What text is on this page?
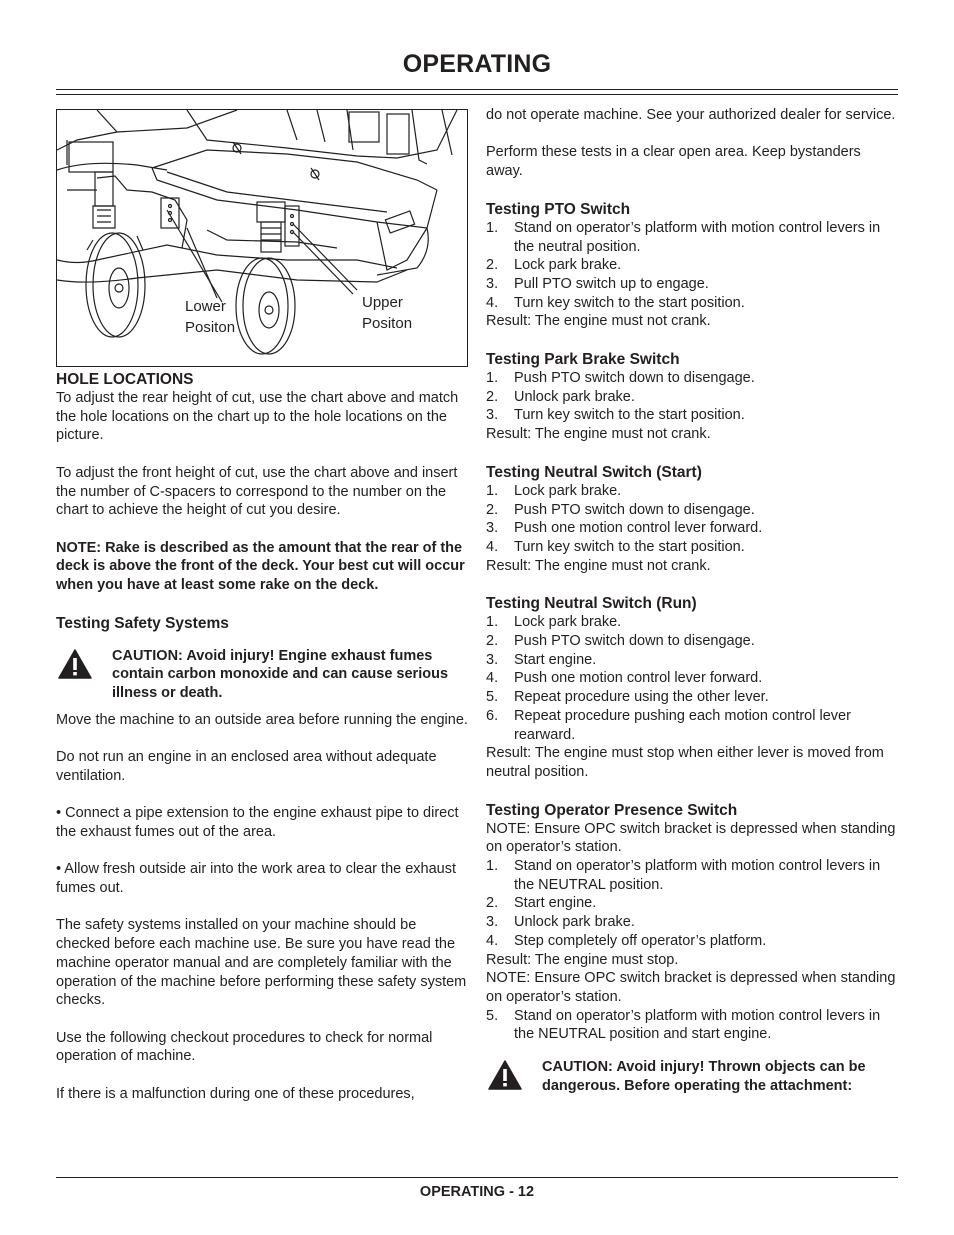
OPERATING
Lower
Positon
Upper
Positon

HOLE LOCATIONS

To adjust the rear height of cut, use the chart above and match the hole locations on the chart up to the hole locations on the picture.

To adjust the front height of cut, use the chart above and insert the number of C-spacers to correspond to the number on the chart to achieve the height of cut you desire.

NOTE: Rake is described as the amount that the rear of the deck is above the front of the deck. Your best cut will occur when you have at least some rake on the deck.

Testing Safety Systems

CAUTION: Avoid injury! Engine exhaust fumes contain carbon monoxide and can cause serious illness or death.

Move the machine to an outside area before running the engine.

Do not run an engine in an enclosed area without adequate ventilation.

• Connect a pipe extension to the engine exhaust pipe to direct the exhaust fumes out of the area.

• Allow fresh outside air into the work area to clear the exhaust fumes out.

The safety systems installed on your machine should be checked before each machine use. Be sure you have read the machine operator manual and are completely familiar with the operation of the machine before performing these safety system checks.

Use the following checkout procedures to check for normal operation of machine.

If there is a malfunction during one of these procedures,

do not operate machine. See your authorized dealer for service.

Perform these tests in a clear open area. Keep bystanders away.

Testing PTO Switch

1. Stand on operator’s platform with motion control levers in the neutral position.
2. Lock park brake.
3. Pull PTO switch up to engage.
4. Turn key switch to the start position.

Result: The engine must not crank.

Testing Park Brake Switch

1. Push PTO switch down to disengage.
2. Unlock park brake.
3. Turn key switch to the start position.

Result: The engine must not crank.

Testing Neutral Switch (Start)

1. Lock park brake.
2. Push PTO switch down to disengage.
3. Push one motion control lever forward.
4. Turn key switch to the start position.

Result: The engine must not crank.

Testing Neutral Switch (Run)

1. Lock park brake.
2. Push PTO switch down to disengage.
3. Start engine.
4. Push one motion control lever forward.
5. Repeat procedure using the other lever.
6. Repeat procedure pushing each motion control lever rearward.

Result: The engine must stop when either lever is moved from neutral position.

Testing Operator Presence Switch

NOTE: Ensure OPC switch bracket is depressed when standing on operator’s station.

1. Stand on operator’s platform with motion control levers in the NEUTRAL position.
2. Start engine.
3. Unlock park brake.
4. Step completely off operator’s platform.

Result: The engine must stop.

NOTE: Ensure OPC switch bracket is depressed when standing on operator’s station.

5. Stand on operator’s platform with motion control levers in the NEUTRAL position and start engine.

CAUTION: Avoid injury! Thrown objects can be dangerous. Before operating the attachment:

OPERATING - 12
